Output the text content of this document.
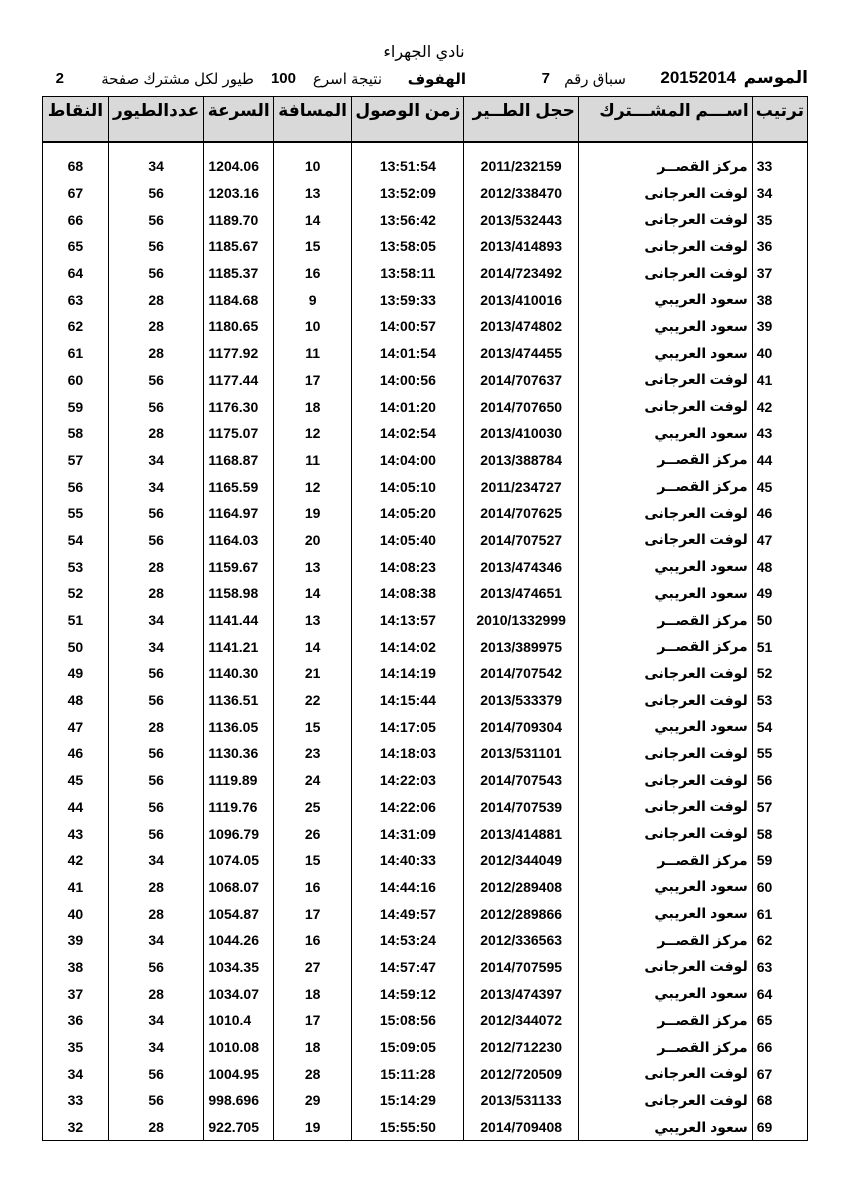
نادي الجهراء
الموسم
20152014
سباق رقم
7
الهفوف
نتيجة اسرع
100
طيور لكل مشترك صفحة
2
ترتيب	اســـم المشـــترك	حجل الطــير	زمن الوصول	المسافة	السرعة	عددالطيور	النقاط

33	مركز القصــر	2011/232159	13:51:54	10	1204.06	34	68
34	لوفت العرجانى	2012/338470	13:52:09	13	1203.16	56	67
35	لوفت العرجانى	2013/532443	13:56:42	14	1189.70	56	66
36	لوفت العرجانى	2013/414893	13:58:05	15	1185.67	56	65
37	لوفت العرجانى	2014/723492	13:58:11	16	1185.37	56	64
38	سعود العريبي	2013/410016	13:59:33	9	1184.68	28	63
39	سعود العريبي	2013/474802	14:00:57	10	1180.65	28	62
40	سعود العريبي	2013/474455	14:01:54	11	1177.92	28	61
41	لوفت العرجانى	2014/707637	14:00:56	17	1177.44	56	60
42	لوفت العرجانى	2014/707650	14:01:20	18	1176.30	56	59
43	سعود العريبي	2013/410030	14:02:54	12	1175.07	28	58
44	مركز القصــر	2013/388784	14:04:00	11	1168.87	34	57
45	مركز القصــر	2011/234727	14:05:10	12	1165.59	34	56
46	لوفت العرجانى	2014/707625	14:05:20	19	1164.97	56	55
47	لوفت العرجانى	2014/707527	14:05:40	20	1164.03	56	54
48	سعود العريبي	2013/474346	14:08:23	13	1159.67	28	53
49	سعود العريبي	2013/474651	14:08:38	14	1158.98	28	52
50	مركز القصــر	2010/1332999	14:13:57	13	1141.44	34	51
51	مركز القصــر	2013/389975	14:14:02	14	1141.21	34	50
52	لوفت العرجانى	2014/707542	14:14:19	21	1140.30	56	49
53	لوفت العرجانى	2013/533379	14:15:44	22	1136.51	56	48
54	سعود العريبي	2014/709304	14:17:05	15	1136.05	28	47
55	لوفت العرجانى	2013/531101	14:18:03	23	1130.36	56	46
56	لوفت العرجانى	2014/707543	14:22:03	24	1119.89	56	45
57	لوفت العرجانى	2014/707539	14:22:06	25	1119.76	56	44
58	لوفت العرجانى	2013/414881	14:31:09	26	1096.79	56	43
59	مركز القصــر	2012/344049	14:40:33	15	1074.05	34	42
60	سعود العريبي	2012/289408	14:44:16	16	1068.07	28	41
61	سعود العريبي	2012/289866	14:49:57	17	1054.87	28	40
62	مركز القصــر	2012/336563	14:53:24	16	1044.26	34	39
63	لوفت العرجانى	2014/707595	14:57:47	27	1034.35	56	38
64	سعود العريبي	2013/474397	14:59:12	18	1034.07	28	37
65	مركز القصــر	2012/344072	15:08:56	17	1010.4	34	36
66	مركز القصــر	2012/712230	15:09:05	18	1010.08	34	35
67	لوفت العرجانى	2012/720509	15:11:28	28	1004.95	56	34
68	لوفت العرجانى	2013/531133	15:14:29	29	998.696	56	33
69	سعود العريبي	2014/709408	15:55:50	19	922.705	28	32
